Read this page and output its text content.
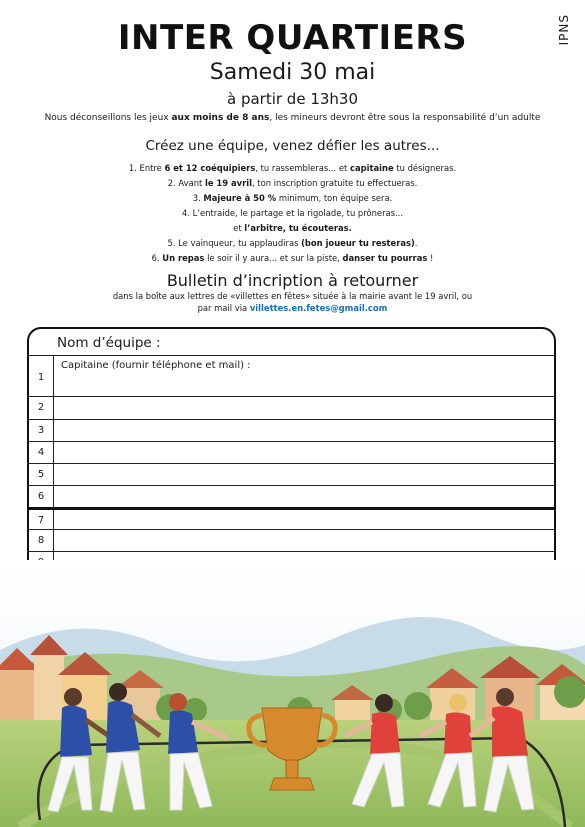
IPNS
INTER QUARTIERS
Samedi 30 mai
à partir de 13h30
Nous déconseillons les jeux aux moins de 8 ans, les mineurs devront être sous la responsabilité d’un adulte
Créez une équipe, venez défier les autres...
1. Entre 6 et 12 coéquipiers, tu rassembleras... et capitaine tu désigneras.
2. Avant le 19 avril, ton inscription gratuite tu effectueras.
3. Majeure à 50 % minimum, ton équipe sera.
4. L’entraide, le partage et la rigolade, tu prôneras...
et l’arbitre, tu écouteras.
5. Le vainqueur, tu applaudiras (bon joueur tu resteras).
6. Un repas le soir il y aura... et sur la piste, danser tu pourras !
Bulletin d’incription à retourner
dans la boîte aux lettres de «villettes en fêtes» située à la mairie avant le 19 avril, ou
par mail via villettes.en.fetes@gmail.com
Nom d’équipe :
1
Capitaine (fournir téléphone et mail) :
2
3
4
5
6
7
8
